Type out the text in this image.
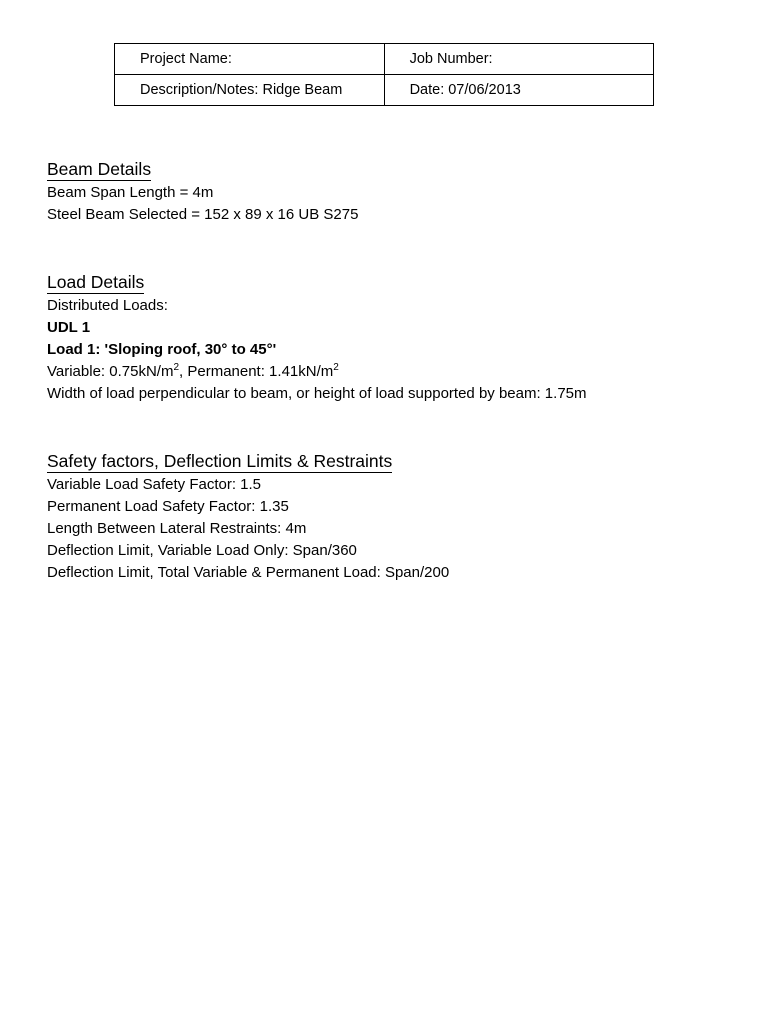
Project Name:	Job Number:
Description/Notes: Ridge Beam	Date: 07/06/2013
Beam Details
Beam Span Length = 4m
Steel Beam Selected = 152 x 89 x 16 UB S275
Load Details
Distributed Loads:
UDL 1
Load 1: 'Sloping roof, 30° to 45°'
Variable: $0.75kN/m^2$, Permanent: $1.41kN/m^2$
Width of load perpendicular to beam, or height of load supported by beam: 1.75m
Safety factors, Deflection Limits & Restraints
Variable Load Safety Factor: 1.5
Permanent Load Safety Factor: 1.35
Length Between Lateral Restraints: 4m
Deflection Limit, Variable Load Only: Span/360
Deflection Limit, Total Variable & Permanent Load: Span/200
